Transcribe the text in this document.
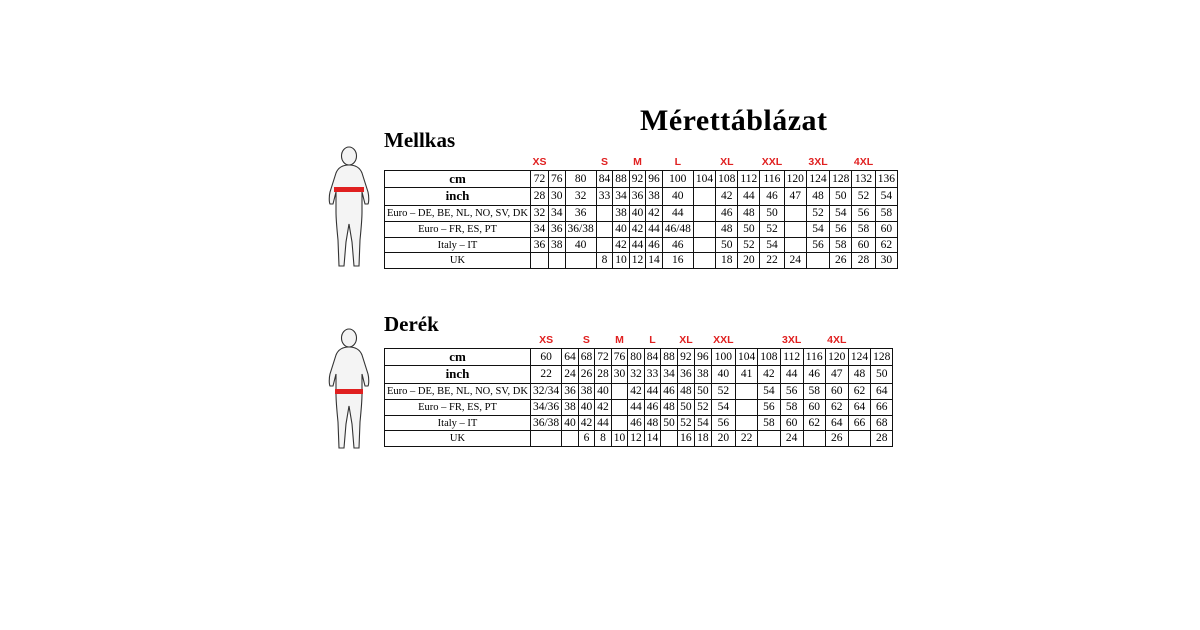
Mérettáblázat
Mellkas
	XS			S		M		L		XL		XXL		3XL		4XL	
cm	72	76	80	84	88	92	96	100	104	108	112	116	120	124	128	132	136
inch	28	30	32	33	34	36	38	40		42	44	46	47	48	50	52	54
Euro – DE, BE, NL, NO, SV, DK	32	34	36		38	40	42	44		46	48	50		52	54	56	58
Euro – FR, ES, PT	34	36	36/38		40	42	44	46/48		48	50	52		54	56	58	60
Italy – IT	36	38	40		42	44	46	46		50	52	54		56	58	60	62
UK				8	10	12	14	16		18	20	22	24		26	28	30
Derék
	XS		S		M		L		XL		XXL			3XL		4XL		
cm	60	64	68	72	76	80	84	88	92	96	100	104	108	112	116	120	124	128
inch	22	24	26	28	30	32	33	34	36	38	40	41	42	44	46	47	48	50
Euro – DE, BE, NL, NO, SV, DK	32/34	36	38	40		42	44	46	48	50	52		54	56	58	60	62	64
Euro – FR, ES, PT	34/36	38	40	42		44	46	48	50	52	54		56	58	60	62	64	66
Italy – IT	36/38	40	42	44		46	48	50	52	54	56		58	60	62	64	66	68
UK			6	8	10	12	14		16	18	20	22		24		26		28
